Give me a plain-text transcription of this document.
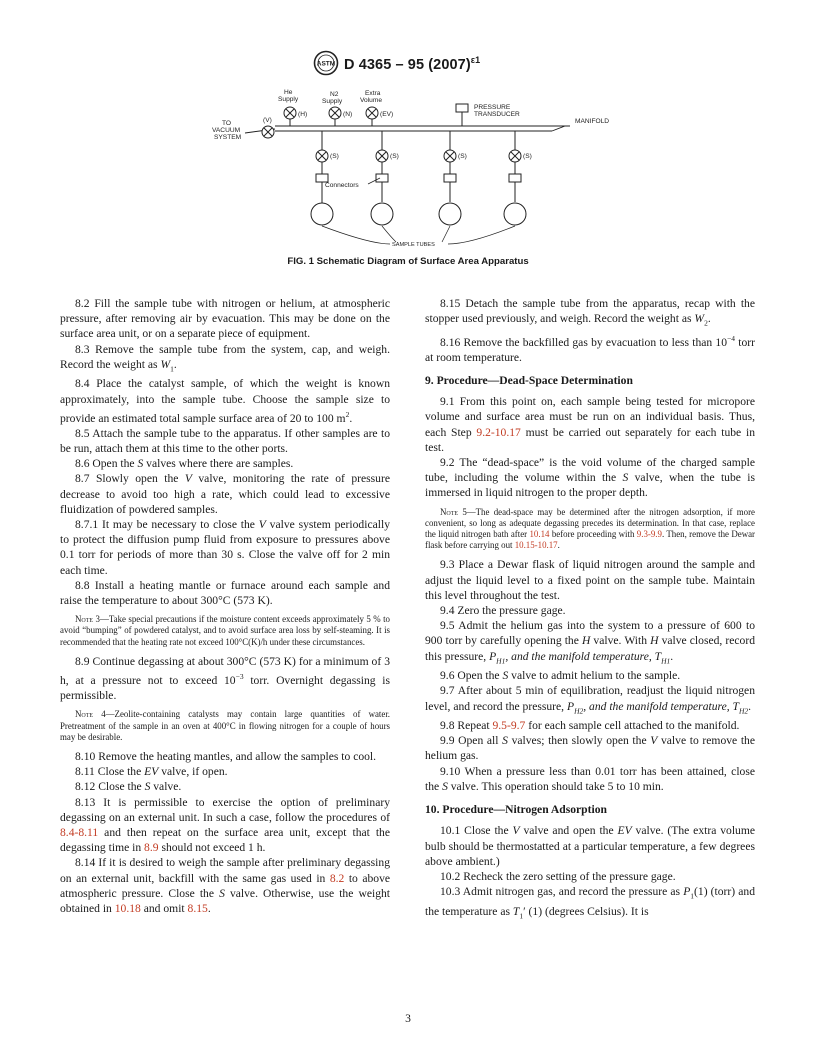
ASTM D 4365 – 95 $(2007)^{\varepsilon 1}$
TO
VACUUM
SYSTEM
(V)
He
Supply
(H)
N2
Supply
(N)
Extra
Volume
(EV)
PRESSURE
TRANSDUCER
MANIFOLD
(S)	(S)	(S)	(S)
Connectors
SAMPLE TUBES
FIG. 1 Schematic Diagram of Surface Area Apparatus

8.2 Fill the sample tube with nitrogen or helium, at atmospheric pressure, after removing air by evacuation. This may be done on the surface area unit, or on a separate piece of equipment.

8.3 Remove the sample tube from the system, cap, and weigh. Record the weight as $W_1$.

8.4 Place the catalyst sample, of which the weight is known approximately, into the sample tube. Choose the sample size to provide an estimated total sample surface area of 20 to 100 $m^2$.

8.5 Attach the sample tube to the apparatus. If other samples are to be run, attach them at this time to the other ports.

8.6 Open the S valves where there are samples.

8.7 Slowly open the V valve, monitoring the rate of pressure decrease to avoid too high a rate, which could lead to excessive fluidization of powdered samples.

8.7.1 It may be necessary to close the V valve system periodically to protect the diffusion pump fluid from exposure to pressures above 0.1 torr for periods of more than 30 s. Close the valve off for 2 min each time.

8.8 Install a heating mantle or furnace around each sample and raise the temperature to about 300°C (573 K).

Note 3—Take special precautions if the moisture content exceeds approximately 5 % to avoid “bumping” of powdered catalyst, and to avoid surface area loss by self-steaming. It is recommended that the heating rate not exceed 100°C(K)/h under these circumstances.

8.9 Continue degassing at about 300°C (573 K) for a minimum of 3 h, at a pressure not to exceed $10^{-3}$ torr. Overnight degassing is permissible.

Note 4—Zeolite-containing catalysts may contain large quantities of water. Pretreatment of the sample in an oven at 400°C in flowing nitrogen for a couple of hours may be desirable.

8.10 Remove the heating mantles, and allow the samples to cool.

8.11 Close the EV valve, if open.

8.12 Close the S valve.

8.13 It is permissible to exercise the option of preliminary degassing on an external unit. In such a case, follow the procedures of 8.4-8.11 and then repeat on the surface area unit, except that the degassing time in 8.9 should not exceed 1 h.

8.14 If it is desired to weigh the sample after preliminary degassing on an external unit, backfill with the same gas used in 8.2 to above atmospheric pressure. Close the S valve. Otherwise, use the weight obtained in 10.18 and omit 8.15.

8.15 Detach the sample tube from the apparatus, recap with the stopper used previously, and weigh. Record the weight as $W_2$.

8.16 Remove the backfilled gas by evacuation to less than $10^{-4}$ torr at room temperature.

9. Procedure—Dead-Space Determination

9.1 From this point on, each sample being tested for micropore volume and surface area must be run on an individual basis. Thus, each Step 9.2-10.17 must be carried out separately for each tube in test.

9.2 The “dead-space” is the void volume of the charged sample tube, including the volume within the S valve, when the tube is immersed in liquid nitrogen to the proper depth.

Note 5—The dead-space may be determined after the nitrogen adsorption, if more convenient, so long as adequate degassing precedes its determination. In that case, replace the liquid nitrogen bath after 10.14 before proceeding with 9.3-9.9. Then, remove the Dewar flask before carrying out 10.15-10.17.

9.3 Place a Dewar flask of liquid nitrogen around the sample and adjust the liquid level to a fixed point on the sample tube. Maintain this level throughout the test.

9.4 Zero the pressure gage.

9.5 Admit the helium gas into the system to a pressure of 600 to 900 torr by carefully opening the H valve. With H valve closed, record this pressure, $P_{H1}$, and the manifold temperature, $T_{H1}$.

9.6 Open the S valve to admit helium to the sample.

9.7 After about 5 min of equilibration, readjust the liquid nitrogen level, and record the pressure, $P_{H2}$, and the manifold temperature, $T_{H2}$.

9.8 Repeat 9.5-9.7 for each sample cell attached to the manifold.

9.9 Open all S valves; then slowly open the V valve to remove the helium gas.

9.10 When a pressure less than 0.01 torr has been attained, close the S valve. This operation should take 5 to 10 min.

10. Procedure—Nitrogen Adsorption

10.1 Close the V valve and open the EV valve. (The extra volume bulb should be thermostatted at a particular temperature, a few degrees above ambient.)

10.2 Recheck the zero setting of the pressure gage.

10.3 Admit nitrogen gas, and record the pressure as $P_1(1)$ (torr) and the temperature as $T_1'$ (1) (degrees Celsius). It is

3
